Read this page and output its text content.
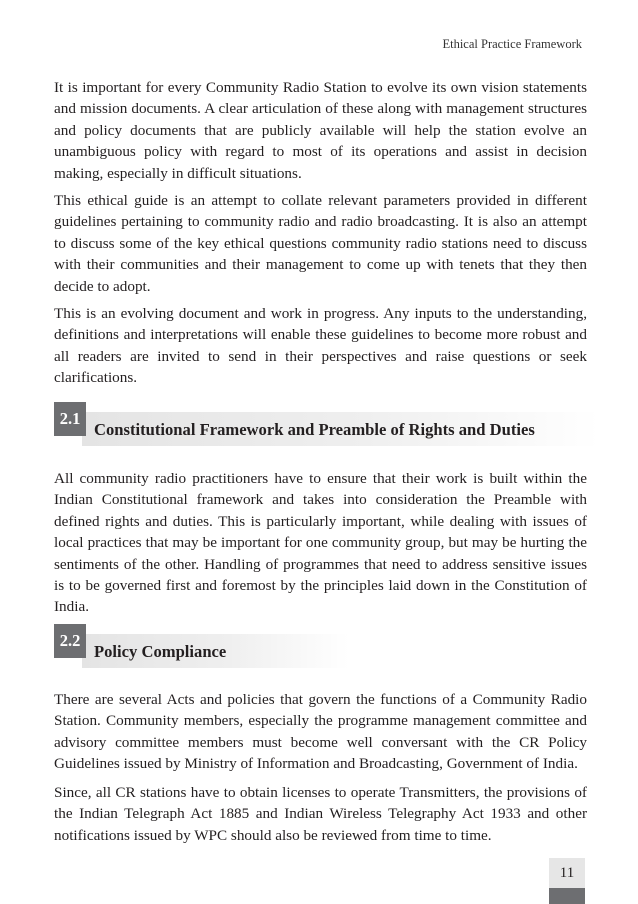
Ethical Practice Framework

It is important for every Community Radio Station to evolve its own vision statements and mission documents. A clear articulation of these along with management structures and policy documents that are publicly available will help the station evolve an unambiguous policy with regard to most of its operations and assist in decision making, especially in difficult situations.

This ethical guide is an attempt to collate relevant parameters provided in different guidelines pertaining to community radio and radio broadcasting. It is also an attempt to discuss some of the key ethical questions community radio stations need to discuss with their communities and their management to come up with tenets that they then decide to adopt.

This is an evolving document and work in progress. Any inputs to the understanding, definitions and interpretations will enable these guidelines to become more robust and all readers are invited to send in their perspectives and raise questions or seek clarifications.

2.1
Constitutional Framework and Preamble of Rights and Duties

All community radio practitioners have to ensure that their work is built within the Indian Constitutional framework and takes into consideration the Preamble with defined rights and duties. This is particularly important, while dealing with issues of local practices that may be important for one community group, but may be hurting the sentiments of the other. Handling of programmes that need to address sensitive issues is to be governed first and foremost by the principles laid down in the Constitution of India.

2.2
Policy Compliance

There are several Acts and policies that govern the functions of a Community Radio Station. Community members, especially the programme management committee and advisory committee members must become well conversant with the CR Policy Guidelines issued by Ministry of Information and Broadcasting, Government of India.

Since, all CR stations have to obtain licenses to operate Transmitters, the provisions of the Indian Telegraph Act 1885 and Indian Wireless Telegraphy Act 1933 and other notifications issued by WPC should also be reviewed from time to time.

11
